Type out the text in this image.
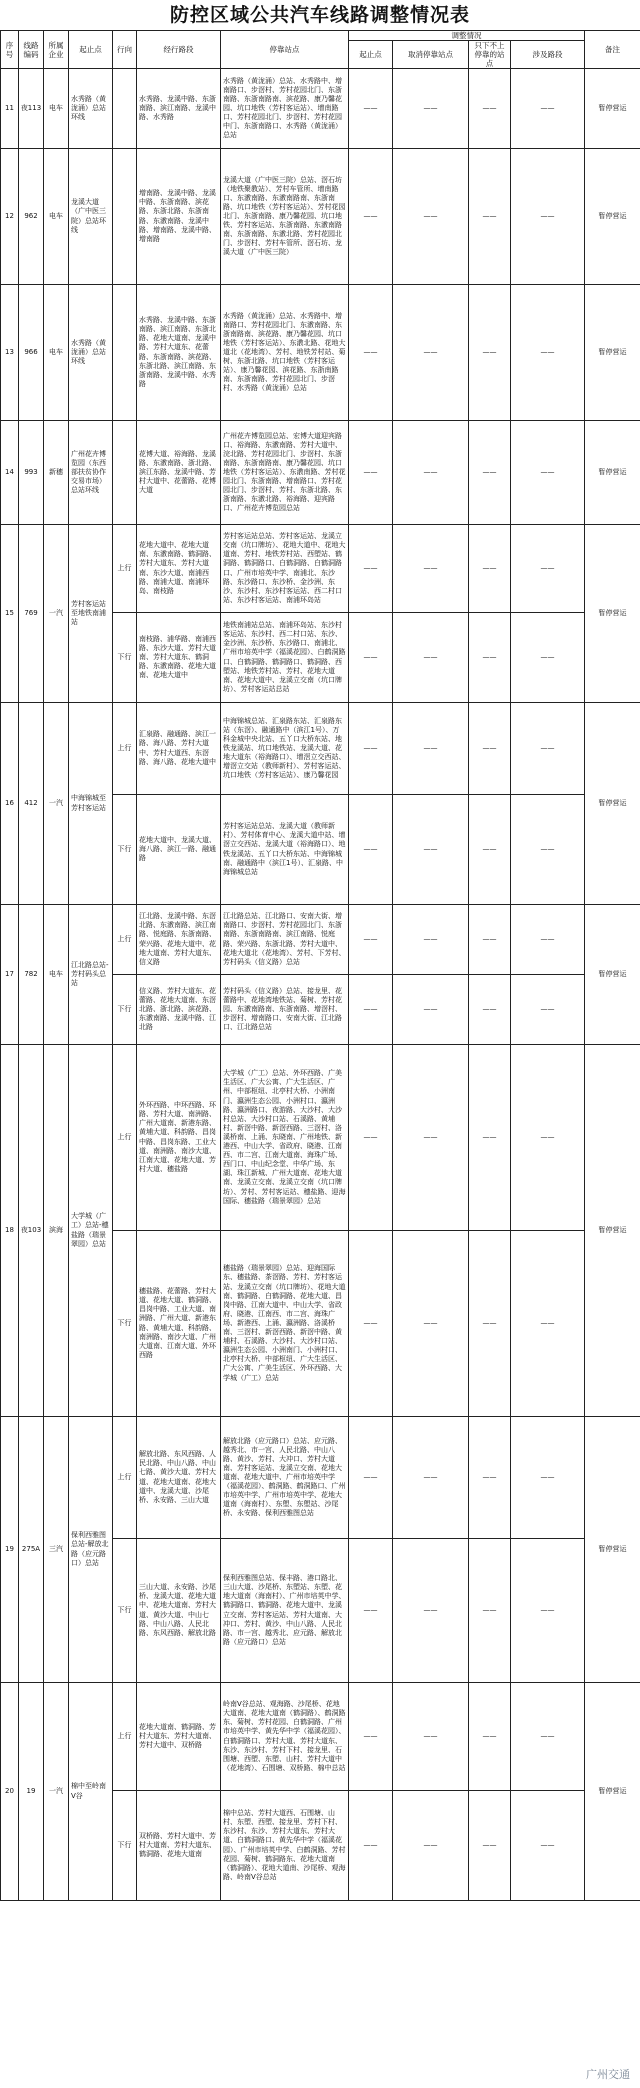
防控区域公共汽车线路调整情况表
序号	线路编码	所属企业	起止点	行向	经行路段	停靠站点	调整情况				备注
							起止点	取消停靠站点	只下不上停靠的站点	涉及路段	
11	夜113	电车	水秀路（黄泷涌）总站环线		水秀路、龙溪中路、东浙南路、滨江南路、龙溪中路、水秀路	水秀路（黄泷涌）总站、水秀路中、增南路口、步滘村、芳村花园北门、东浙南路、东浙南路南、滨花路、康乃馨花园、坑口地铁（芳村客运站）、增南路口、芳村花园北门、步滘村、芳村花园中门、东浙南路口、水秀路（黄泷涌）总站	——	——	——	——	暂停营运
12	962	电车	龙溪大道（广中医三院）总站环线		增南路、龙溪中路、龙溪中路、东浙南路、滨花路、东浙北路、东浙南路、东漖南路、龙溪中路、增南路、龙溪中路、增南路	龙溪大道（广中医三院）总站、滘石坊（地铁聚教站）、芳村车管所、增南路口、东漖南路、东漖南路南、东浙南路、坑口地铁（芳村客运站）、芳村花园北门、东浙南路、康乃馨花园、坑口地铁、芳村客运站、东浙南路、东漖南路南、东浙南路、东漖北路、芳村花园北门、步滘村、芳村车管所、滘石坊、龙溪大道（广中医三院）	——	——	——	——	暂停营运
13	966	电车	水秀路（黄泷涌）总站环线		水秀路、龙溪中路、东浙南路、滨江南路、东浙北路、花地大道南、龙溪中路、芳村大道东、花蕾路、东浙南路、滨花路、东浙北路、滨江南路、东浙南路、龙溪中路、水秀路	水秀路（黄泷涌）总站、水秀路中、增南路口、芳村花园北门、东漖南路、东浙南路南、滨花路、康乃馨花园、坑口地铁（芳村客运站）、东漖北路、花地大道北（花地湾）、芳村、地铁芳村站、菊树、东浙北路、坑口地铁（芳村客运站）、康乃馨花园、滨花路、东浙南路南、东浙南路、芳村花园北门、步滘村、水秀路（黄泷涌）总站	——	——	——	——	暂停营运
14	993	新穗	广州花卉博览园（东西部扶贫协作交易市场）总站环线		花博大道、裕海路、龙溪路、东漖南路、浙北路、滨江东路、龙溪中路、芳村大道中、花蕾路、花博大道	广州花卉博览园总站、宏博大道迎宾路口、裕海路、东漖南路、芳村大道中、浣北路、芳村花园北门、步滘村、东浙南路、东浙南路南、康乃馨花园、坑口地铁（芳村客运站）、东漖南路、芳村花园北门、东浙南路、增南路口、芳村花园北门、步滘村、芳村、东浙北路、东浙南路、东漖北路、裕海路、迎宾路口、广州花卉博览园总站	——	——	——	——	暂停营运
15	769	一汽	芳村客运站至地铁南浦站	上行	花地大道中、花地大道南、东漖南路、鹤洞路、芳村大道东、芳村大道南、东沙大道、南浦西路、南浦大道、南浦环岛、南枝路	芳村客运站总站、芳村客运站、龙溪立交南（坑口牌坊）、花地大道中、花地大道南、芳村、地铁芳村站、西塱站、鹤洞路、鹤洞路口、白鹤洞路、白鹤洞路口、广州市培英中学、南浦北、东沙路、东沙路口、东沙桥、金沙洲、东沙、东沙村、东沙村客运站、西二村口站、东沙村客运站、南浦环岛站	——	——	——	——	暂停营运
				下行	南枝路、浦华路、南浦西路、东沙大道、芳村大道南、芳村大道东、鹤洞路、东漖南路、花地大道南、花地大道中	地铁南浦站总站、南浦环岛站、东沙村客运站、东沙村、西二村口站、东沙、金沙洲、东沙桥、东沙路口、南浦北、广州市培英中学（福溪花园）、白鹤洞路口、白鹤洞路、鹤洞路口、鹤洞路、西塱站、地铁芳村站、芳村、花地大道南、花地大道中、龙溪立交南（坑口牌坊）、芳村客运站总站	——	——	——	——	
16	412	一汽	中海锦城至芳村客运站	上行	汇泉路、融通路、滨江一路、海八路、芳村大道中、芳村大道西、东滘路、海八路、花地大道中	中海锦城总站、汇泉路东站、汇泉路东站（东滘）、融通路中（滨江1号）、万科金城中央北站、五丫口大桥东站、地铁龙溪站、坑口地铁站、龙溪大道、花地大道东（裕海路口）、增滘立交西站、增滘立交站（教师新村）、芳村客运站、坑口地铁（芳村客运站）、康乃馨花园	——	——	——	——	暂停营运
				下行	花地大道中、龙溪大道、海八路、滨江一路、融通路	芳村客运站总站、龙溪大道（教师新村）、芳村体育中心、龙溪大道中站、增滘立交西站、龙溪大道（裕海路口）、地铁龙溪站、五丫口大桥东站、中海锦城南、融通路中（滨江1号）、汇泉路、中海锦城总站	——	——	——	——	
17	782	电车	江北路总站-芳村码头总站	上行	江北路、龙溪中路、东滘北路、东漖南路、滨江南路、悦庭路、东浙南路、荣兴路、花地大道中、花地大道南、芳村大道东、信义路	江北路总站、江北路口、安南大街、增南路口、步滘村、芳村花园北门、东浙南路、东浙南路南、滨江南路、悦庭路、荣兴路、东浙北路、芳村大道中、花地大道北（花地湾）、芳村、下芳村、芳村码头（信义路）总站	——	——	——	——	暂停营运
				下行	信义路、芳村大道东、花蕾路、花地大道南、东滘北路、浙北路、滨花路、东漖南路、龙溪中路、江北路	芳村码头（信义路）总站、接龙里、花蕾路中、花地湾地铁站、菊树、芳村花园、东漖南路南、东浙南路、增滘村、步滘村、增南路口、安南大街、江北路口、江北路总站	——	——	——	——	
18	夜103	滨海	大学城（广工）总站-穗盐路（瑞景翠园）总站	上行	外环西路、中环西路、环路、芳村大道、南洲路、广州大道南、新港东路、黄埔大道、科韵路、昌岗中路、昌岗东路、工业大道、南洲路、南沙大道、江南大道、花地大道、芳村大道、穗盐路	大学城（广工）总站、外环西路、广美生活区、广大公寓、广大生活区、广州、中部枢纽、北亭村大桥、小洲南门、瀛洲生态公园、小洲村口、瀛洲路、瀛洲路口、夜游路、大沙村、大沙村总站、大沙村口站、石溪路、黄埔村、新滘中路、新滘西路、三滘村、洛溪桥南、上涌、东晓南、广州地铁、新港西、中山大学、省政府、晓港、江南西、市二宫、江南大道南、海珠广场、西门口、中山纪念堂、中华广场、东湖、珠江新城、广州大道南、花地大道南、龙溪立交南、龙溪立交南（坑口牌坊）、芳村、芳村客运站、穗盐路、迎海国际、穗盐路（瑞景翠园）总站	——	——	——	——	暂停营运
				下行	穗盐路、花蕾路、芳村大道、花地大道、鹤洞路、昌岗中路、工业大道、南洲路、广州大道、新港东路、黄埔大道、科韵路、南洲路、南沙大道、广州大道南、江南大道、外环西路	穗盐路（瑞景翠园）总站、迎海国际东、穗盐路、茶滘路、芳村、芳村客运站、龙溪立交南（坑口牌坊）、花地大道南、鹤洞路、白鹤洞路、花地大道、昌岗中路、江南大道中、中山大学、省政府、晓港、江南西、市二宫、海珠广场、新港西、上涌、瀛洲路、洛溪桥南、三滘村、新滘西路、新滘中路、黄埔村、石溪路、大沙村、大沙村口站、瀛洲生态公园、小洲南门、小洲村口、北亭村大桥、中部枢纽、广大生活区、广大公寓、广美生活区、外环西路、大学城（广工）总站	——	——	——	——	
19	275A	三汽	保利西雅图总站-解放北路（应元路口）总站	上行	解放北路、东风西路、人民北路、中山八路、中山七路、黄沙大道、芳村大道、花地大道南、花地大道中、龙溪大道、沙尾桥、永安路、三山大道	解放北路（应元路口）总站、应元路、越秀北、市一宫、人民北路、中山八路、黄沙、芳村、大冲口、芳村大道南、芳村客运站、龙溪立交南、花地大道南、花地大道中、广州市培英中学（福溪花园）、鹤洞路、鹤洞路口、广州市培英中学、广州市培英中学、花地大道南（海南村）、东塱、东塱站、沙尾桥、永安路、保利西雅图总站	——	——	——	——	暂停营运
				下行	三山大道、永安路、沙尾桥、龙溪大道、花地大道中、花地大道南、芳村大道、黄沙大道、中山七路、中山八路、人民北路、东风西路、解放北路	保利西雅图总站、保丰路、港口路北、三山大道、沙尾桥、东塱站、东塱、花地大道南（海南村）、广州市培英中学、鹤洞路口、鹤洞路、花地大道中、龙溪立交南、芳村客运站、芳村大道南、大冲口、芳村、黄沙、中山八路、人民北路、市一宫、越秀北、应元路、解放北路（应元路口）总站	——	——	——	——	
20	19	一汽	棉中至岭南V谷	上行	花地大道南、鹤洞路、芳村大道东、芳村大道南、芳村大道中、双桥路	岭南V谷总站、观海路、沙尾桥、花地大道南、花地大道南（鹤洞路）、鹤洞路东、菊树、芳村花园、白鹤洞路、广州市培英中学、黄先华中学（福溪花园）、白鹤洞路口、芳村大道、芳村大道东、东沙、东沙村、芳村下村、接龙里、石围塘、西塱、东塱、山村、芳村大道中（花地湾）、石围塘、双桥路、棉中总站	——	——	——	——	暂停营运
				下行	双桥路、芳村大道中、芳村大道南、芳村大道东、鹤洞路、花地大道南	棉中总站、芳村大道西、石围塘、山村、东塱、西塱、接龙里、芳村下村、东沙村、东沙、芳村大道东、芳村大道、白鹤洞路口、黄先华中学（福溪花园）、广州市培英中学、白鹤洞路、芳村花园、菊树、鹤洞路东、花地大道南（鹤洞路）、花地大道南、沙尾桥、观海路、岭南V谷总站	——	——	——	——	
广州交通
